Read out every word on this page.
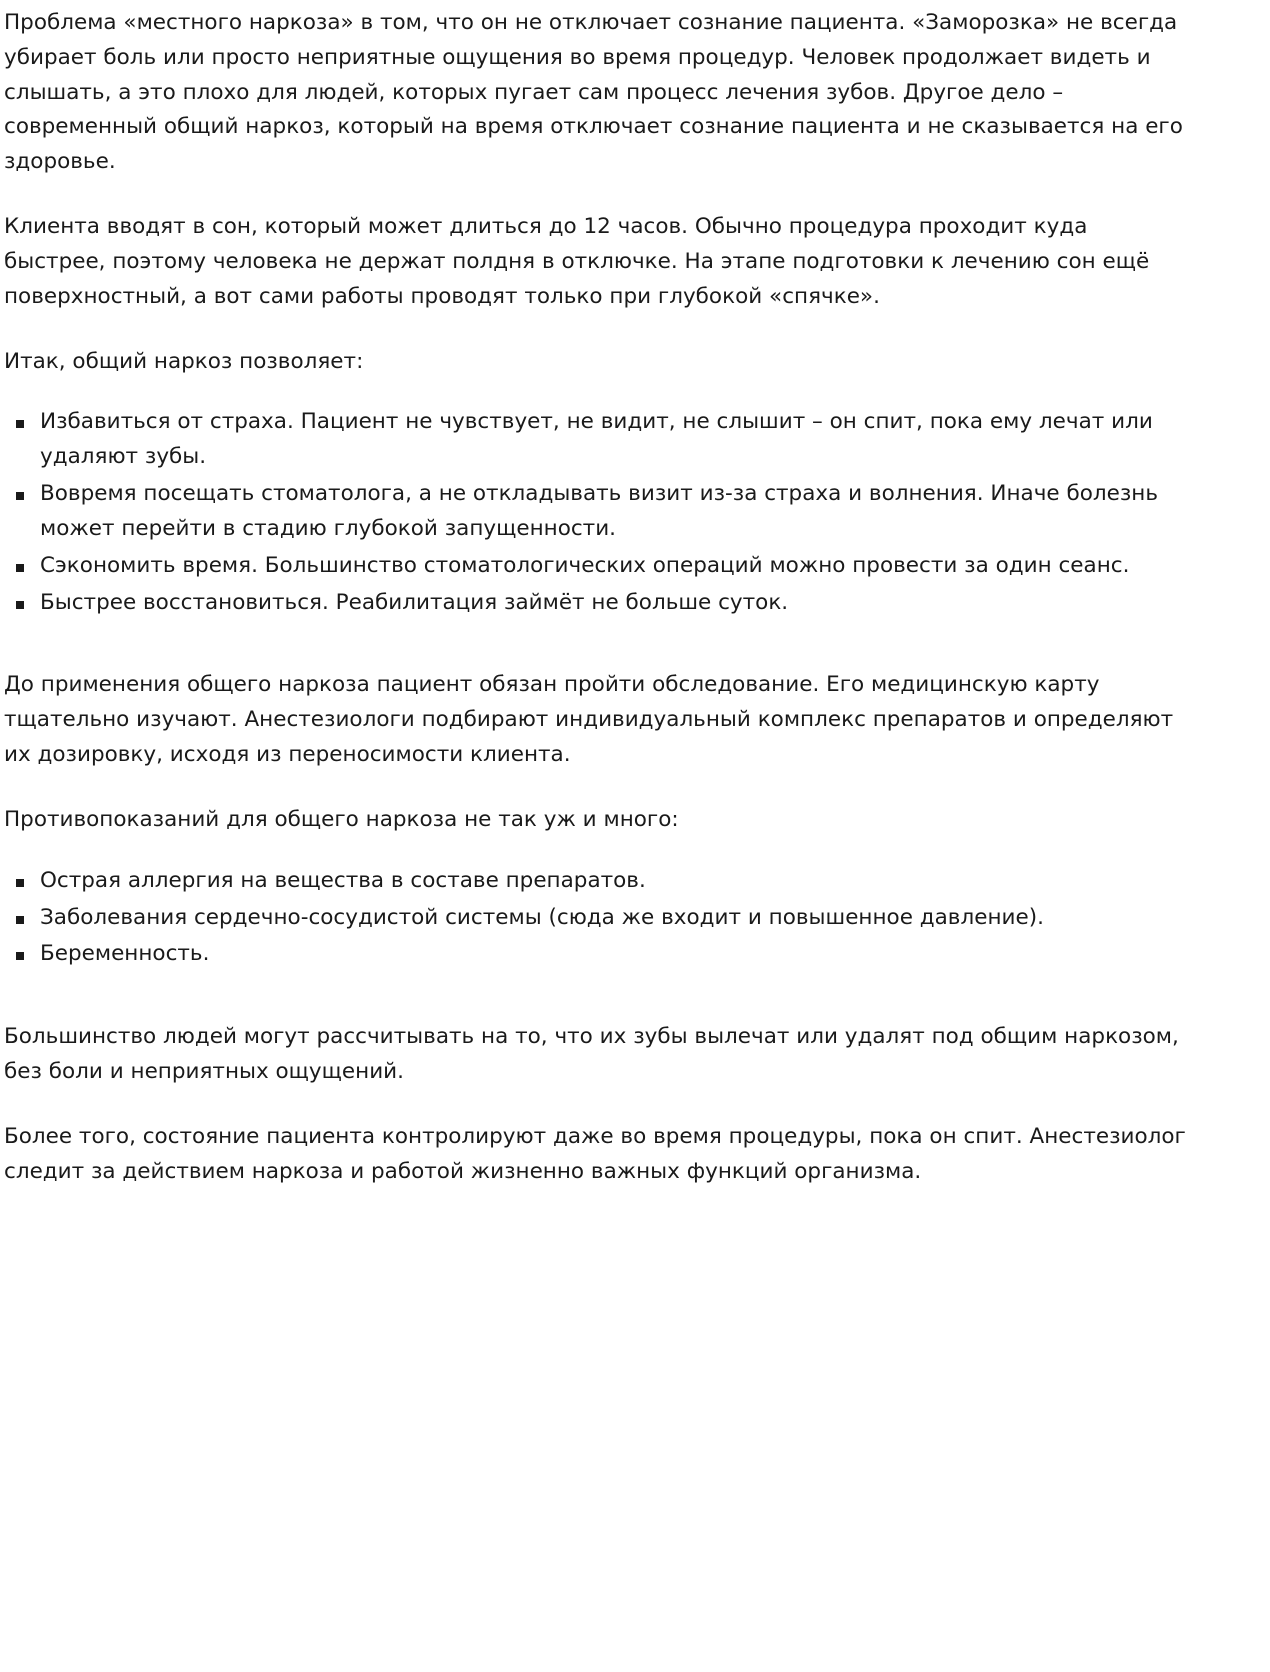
Проблема «местного наркоза» в том, что он не отключает сознание пациента. «Заморозка» не всегда убирает боль или просто неприятные ощущения во время процедур. Человек продолжает видеть и слышать, а это плохо для людей, которых пугает сам процесс лечения зубов. Другое дело – современный общий наркоз, который на время отключает сознание пациента и не сказывается на его здоровье.

Клиента вводят в сон, который может длиться до 12 часов. Обычно процедура проходит куда быстрее, поэтому человека не держат полдня в отключке. На этапе подготовки к лечению сон ещё поверхностный, а вот сами работы проводят только при глубокой «спячке».

Итак, общий наркоз позволяет:

Избавиться от страха. Пациент не чувствует, не видит, не слышит – он спит, пока ему лечат или удаляют зубы.
Вовремя посещать стоматолога, а не откладывать визит из-за страха и волнения. Иначе болезнь может перейти в стадию глубокой запущенности.
Сэкономить время. Большинство стоматологических операций можно провести за один сеанс.
Быстрее восстановиться. Реабилитация займёт не больше суток.

До применения общего наркоза пациент обязан пройти обследование. Его медицинскую карту тщательно изучают. Анестезиологи подбирают индивидуальный комплекс препаратов и определяют их дозировку, исходя из переносимости клиента.

Противопоказаний для общего наркоза не так уж и много:

Острая аллергия на вещества в составе препаратов.
Заболевания сердечно-сосудистой системы (сюда же входит и повышенное давление).
Беременность.

Большинство людей могут рассчитывать на то, что их зубы вылечат или удалят под общим наркозом, без боли и неприятных ощущений.

Более того, состояние пациента контролируют даже во время процедуры, пока он спит. Анестезиолог следит за действием наркоза и работой жизненно важных функций организма.
